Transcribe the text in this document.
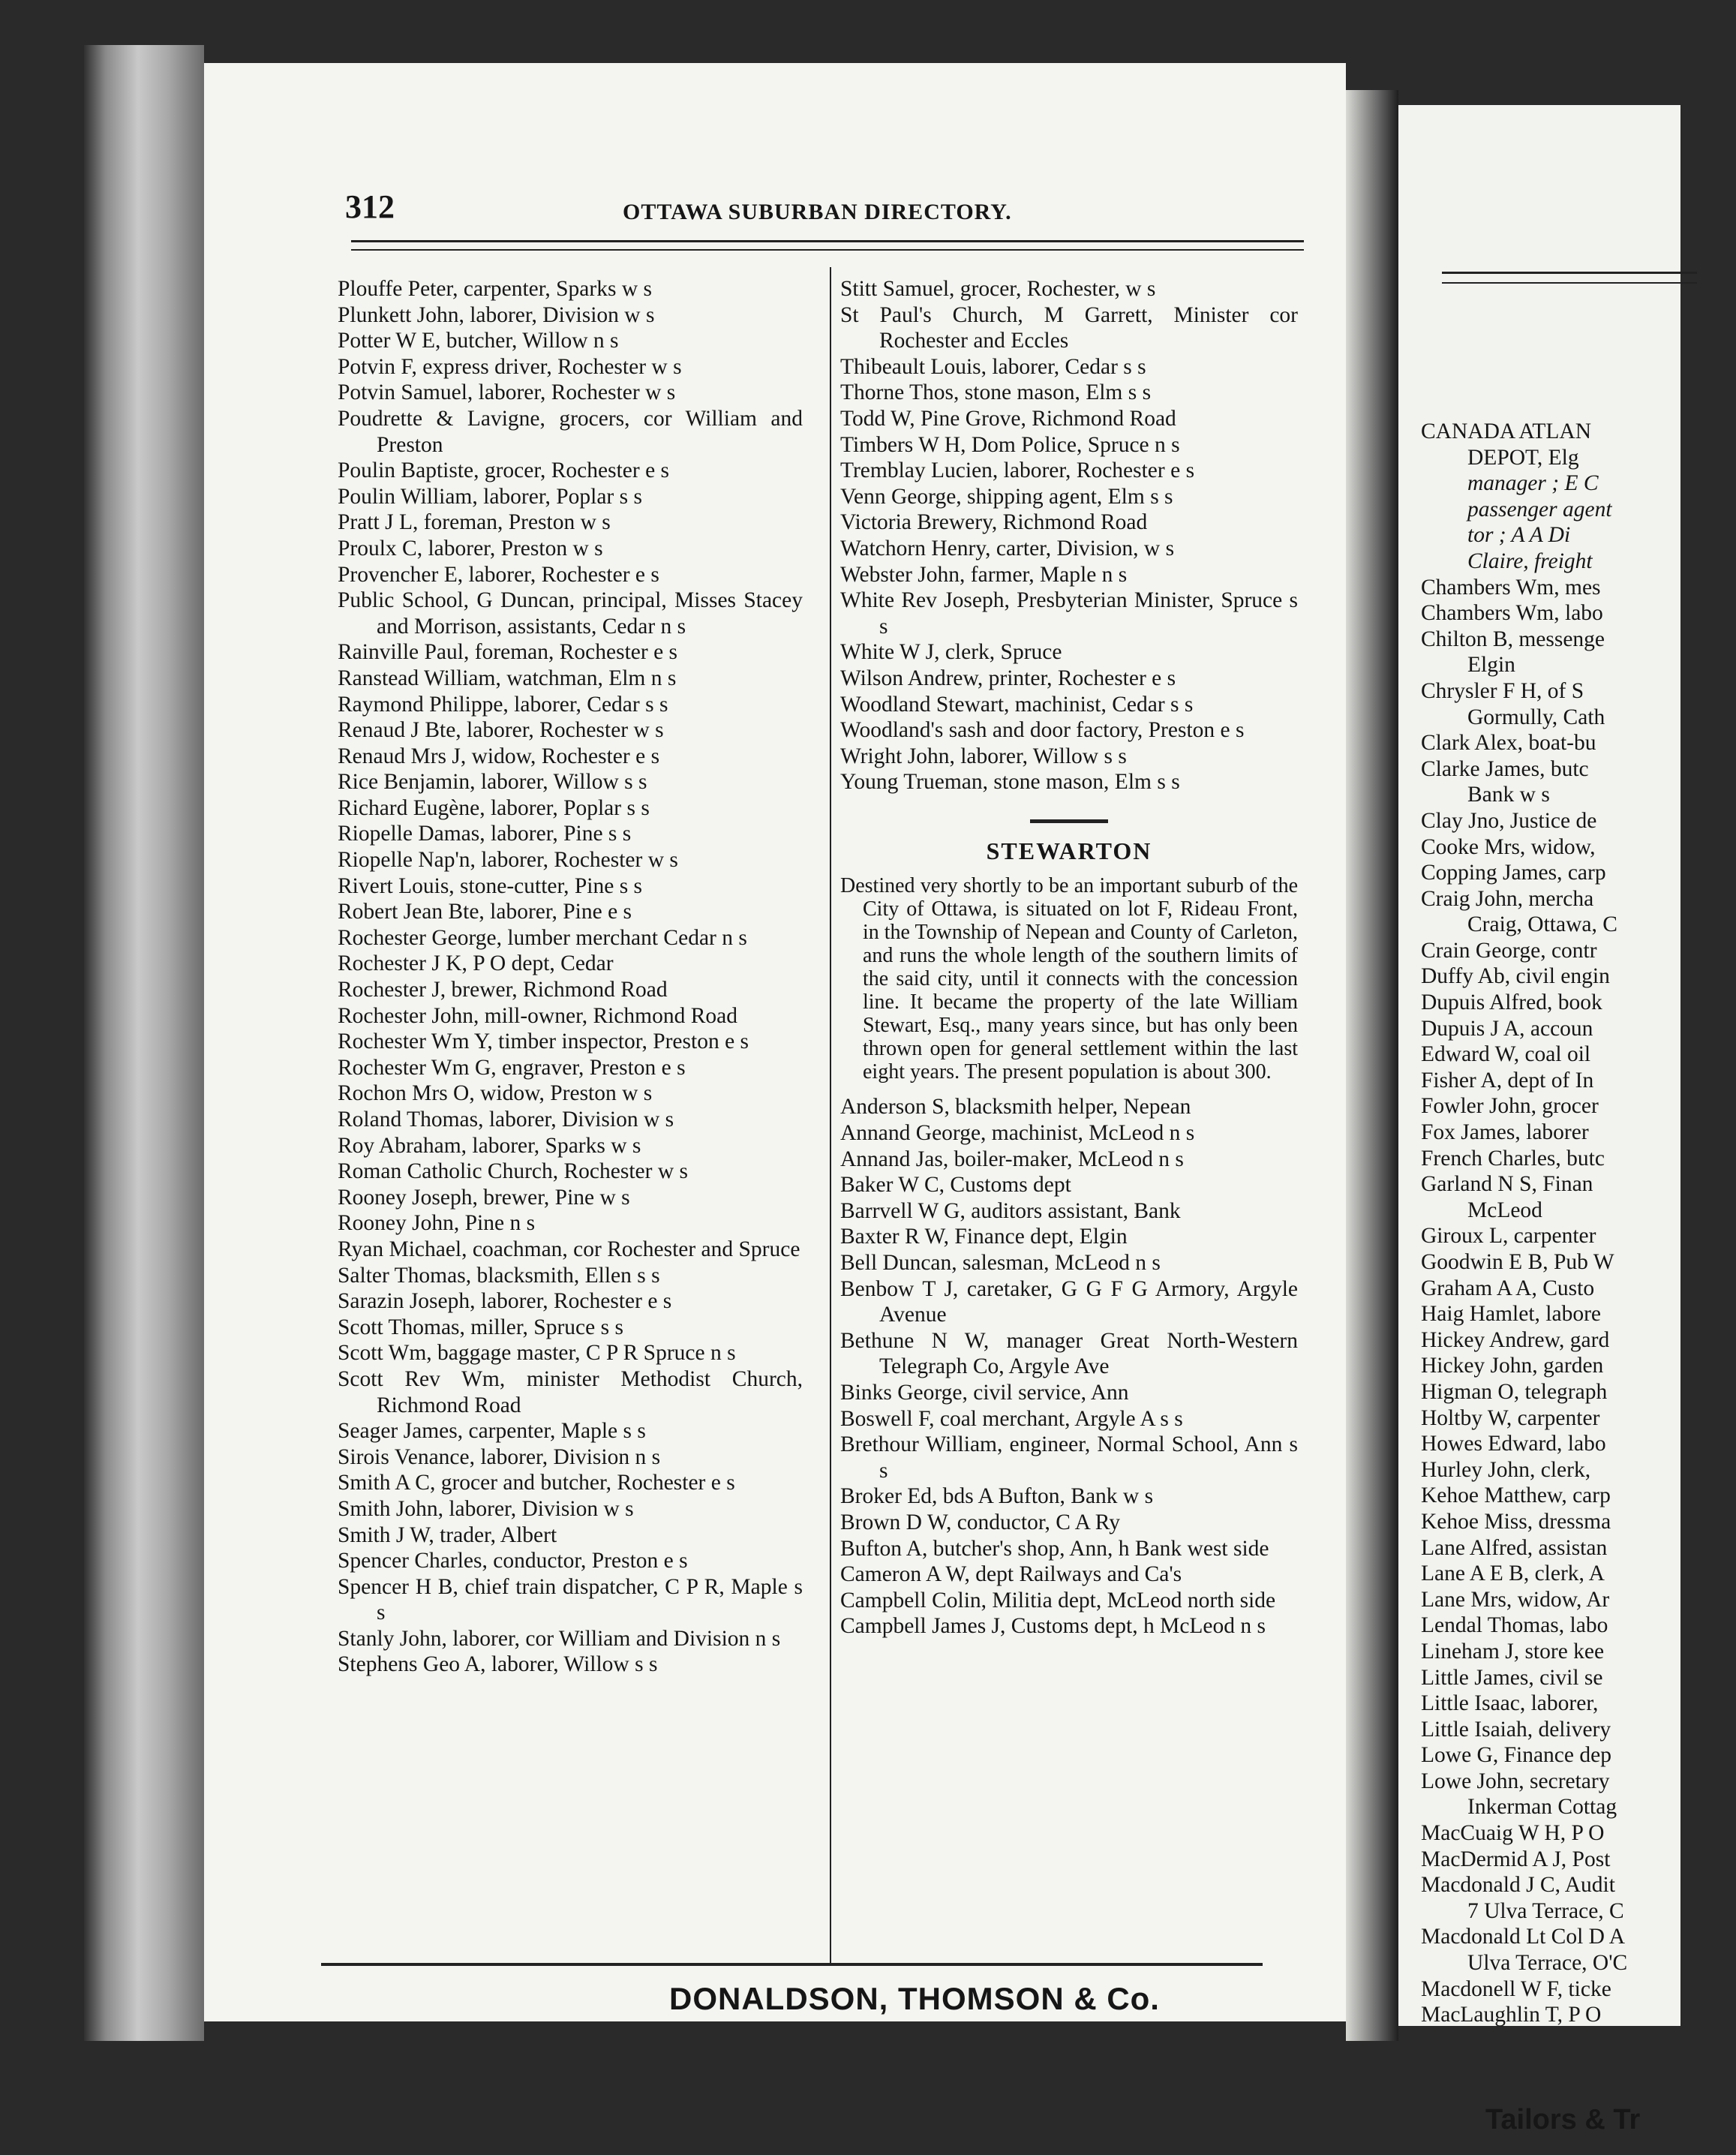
312	OTTAWA SUBURBAN DIRECTORY.
Plouffe Peter, carpenter, Sparks w s
Plunkett John, laborer, Division w s
Potter W E, butcher, Willow n s
Potvin F, express driver, Rochester w s
Potvin Samuel, laborer, Rochester w s
Poudrette & Lavigne, grocers, cor William and Preston
Poulin Baptiste, grocer, Rochester e s
Poulin William, laborer, Poplar s s
Pratt J L, foreman, Preston w s
Proulx C, laborer, Preston w s
Provencher E, laborer, Rochester e s
Public School, G Duncan, principal, Misses Stacey and Morrison, assistants, Cedar n s
Rainville Paul, foreman, Rochester e s
Ranstead William, watchman, Elm n s
Raymond Philippe, laborer, Cedar s s
Renaud J Bte, laborer, Rochester w s
Renaud Mrs J, widow, Rochester e s
Rice Benjamin, laborer, Willow s s
Richard Eugène, laborer, Poplar s s
Riopelle Damas, laborer, Pine s s
Riopelle Nap'n, laborer, Rochester w s
Rivert Louis, stone-cutter, Pine s s
Robert Jean Bte, laborer, Pine e s
Rochester George, lumber merchant Cedar n s
Rochester J K, P O dept, Cedar
Rochester J, brewer, Richmond Road
Rochester John, mill-owner, Richmond Road
Rochester Wm Y, timber inspector, Preston e s
Rochester Wm G, engraver, Preston e s
Rochon Mrs O, widow, Preston w s
Roland Thomas, laborer, Division w s
Roy Abraham, laborer, Sparks w s
Roman Catholic Church, Rochester w s
Rooney Joseph, brewer, Pine w s
Rooney John, Pine n s
Ryan Michael, coachman, cor Rochester and Spruce
Salter Thomas, blacksmith, Ellen s s
Sarazin Joseph, laborer, Rochester e s
Scott Thomas, miller, Spruce s s
Scott Wm, baggage master, C P R Spruce n s
Scott Rev Wm, minister Methodist Church, Richmond Road
Seager James, carpenter, Maple s s
Sirois Venance, laborer, Division n s
Smith A C, grocer and butcher, Rochester e s
Smith John, laborer, Division w s
Smith J W, trader, Albert
Spencer Charles, conductor, Preston e s
Spencer H B, chief train dispatcher, C P R, Maple s s
Stanly John, laborer, cor William and Division n s
Stephens Geo A, laborer, Willow s s
Stitt Samuel, grocer, Rochester, w s
St Paul's Church, M Garrett, Minister cor Rochester and Eccles
Thibeault Louis, laborer, Cedar s s
Thorne Thos, stone mason, Elm s s
Todd W, Pine Grove, Richmond Road
Timbers W H, Dom Police, Spruce n s
Tremblay Lucien, laborer, Rochester e s
Venn George, shipping agent, Elm s s
Victoria Brewery, Richmond Road
Watchorn Henry, carter, Division, w s
Webster John, farmer, Maple n s
White Rev Joseph, Presbyterian Minister, Spruce s s
White W J, clerk, Spruce
Wilson Andrew, printer, Rochester e s
Woodland Stewart, machinist, Cedar s s
Woodland's sash and door factory, Preston e s
Wright John, laborer, Willow s s
Young Trueman, stone mason, Elm s s
STEWARTON
Destined very shortly to be an important suburb of the City of Ottawa, is situated on lot F, Rideau Front, in the Township of Nepean and County of Carleton, and runs the whole length of the southern limits of the said city, until it connects with the concession line. It became the property of the late William Stewart, Esq., many years since, but has only been thrown open for general settlement within the last eight years. The present population is about 300.
Anderson S, blacksmith helper, Nepean
Annand George, machinist, McLeod n s
Annand Jas, boiler-maker, McLeod n s
Baker W C, Customs dept
Barrvell W G, auditors assistant, Bank
Baxter R W, Finance dept, Elgin
Bell Duncan, salesman, McLeod n s
Benbow T J, caretaker, G G F G Armory, Argyle Avenue
Bethune N W, manager Great North-Western Telegraph Co, Argyle Ave
Binks George, civil service, Ann
Boswell F, coal merchant, Argyle A s s
Brethour William, engineer, Normal School, Ann s s
Broker Ed, bds A Bufton, Bank w s
Brown D W, conductor, C A Ry
Bufton A, butcher's shop, Ann, h Bank west side
Cameron A W, dept Railways and Ca's
Campbell Colin, Militia dept, McLeod north side
Campbell James J, Customs dept, h McLeod n s
DONALDSON, THOMSON & Co.
CANADA ATLAN
DEPOT, Elg
manager ; E C
passenger agent
tor ; A A Di
Claire, freight
Chambers Wm, mes
Chambers Wm, labo
Chilton B, messenge
Elgin
Chrysler F H, of S
Gormully, Cath
Clark Alex, boat-bu
Clarke James, butc
Bank w s
Clay Jno, Justice de
Cooke Mrs, widow,
Copping James, carp
Craig John, mercha
Craig, Ottawa, C
Crain George, contr
Duffy Ab, civil engin
Dupuis Alfred, book
Dupuis J A, accoun
Edward W, coal oil
Fisher A, dept of In
Fowler John, grocer
Fox James, laborer
French Charles, butc
Garland N S, Finan
McLeod
Giroux L, carpenter
Goodwin E B, Pub W
Graham A A, Custo
Haig Hamlet, labore
Hickey Andrew, gard
Hickey John, garden
Higman O, telegraph
Holtby W, carpenter
Howes Edward, labo
Hurley John, clerk,
Kehoe Matthew, carp
Kehoe Miss, dressma
Lane Alfred, assistan
Lane A E B, clerk, A
Lane Mrs, widow, Ar
Lendal Thomas, labo
Lineham J, store kee
Little James, civil se
Little Isaac, laborer,
Little Isaiah, delivery
Lowe G, Finance dep
Lowe John, secretary
Inkerman Cottag
MacCuaig W H, P O
MacDermid A J, Post
Macdonald J C, Audit
7 Ulva Terrace, C
Macdonald Lt Col D A
Ulva Terrace, O'C
Macdonell W F, ticke
MacLaughlin T, P O
Tailors & Tr
